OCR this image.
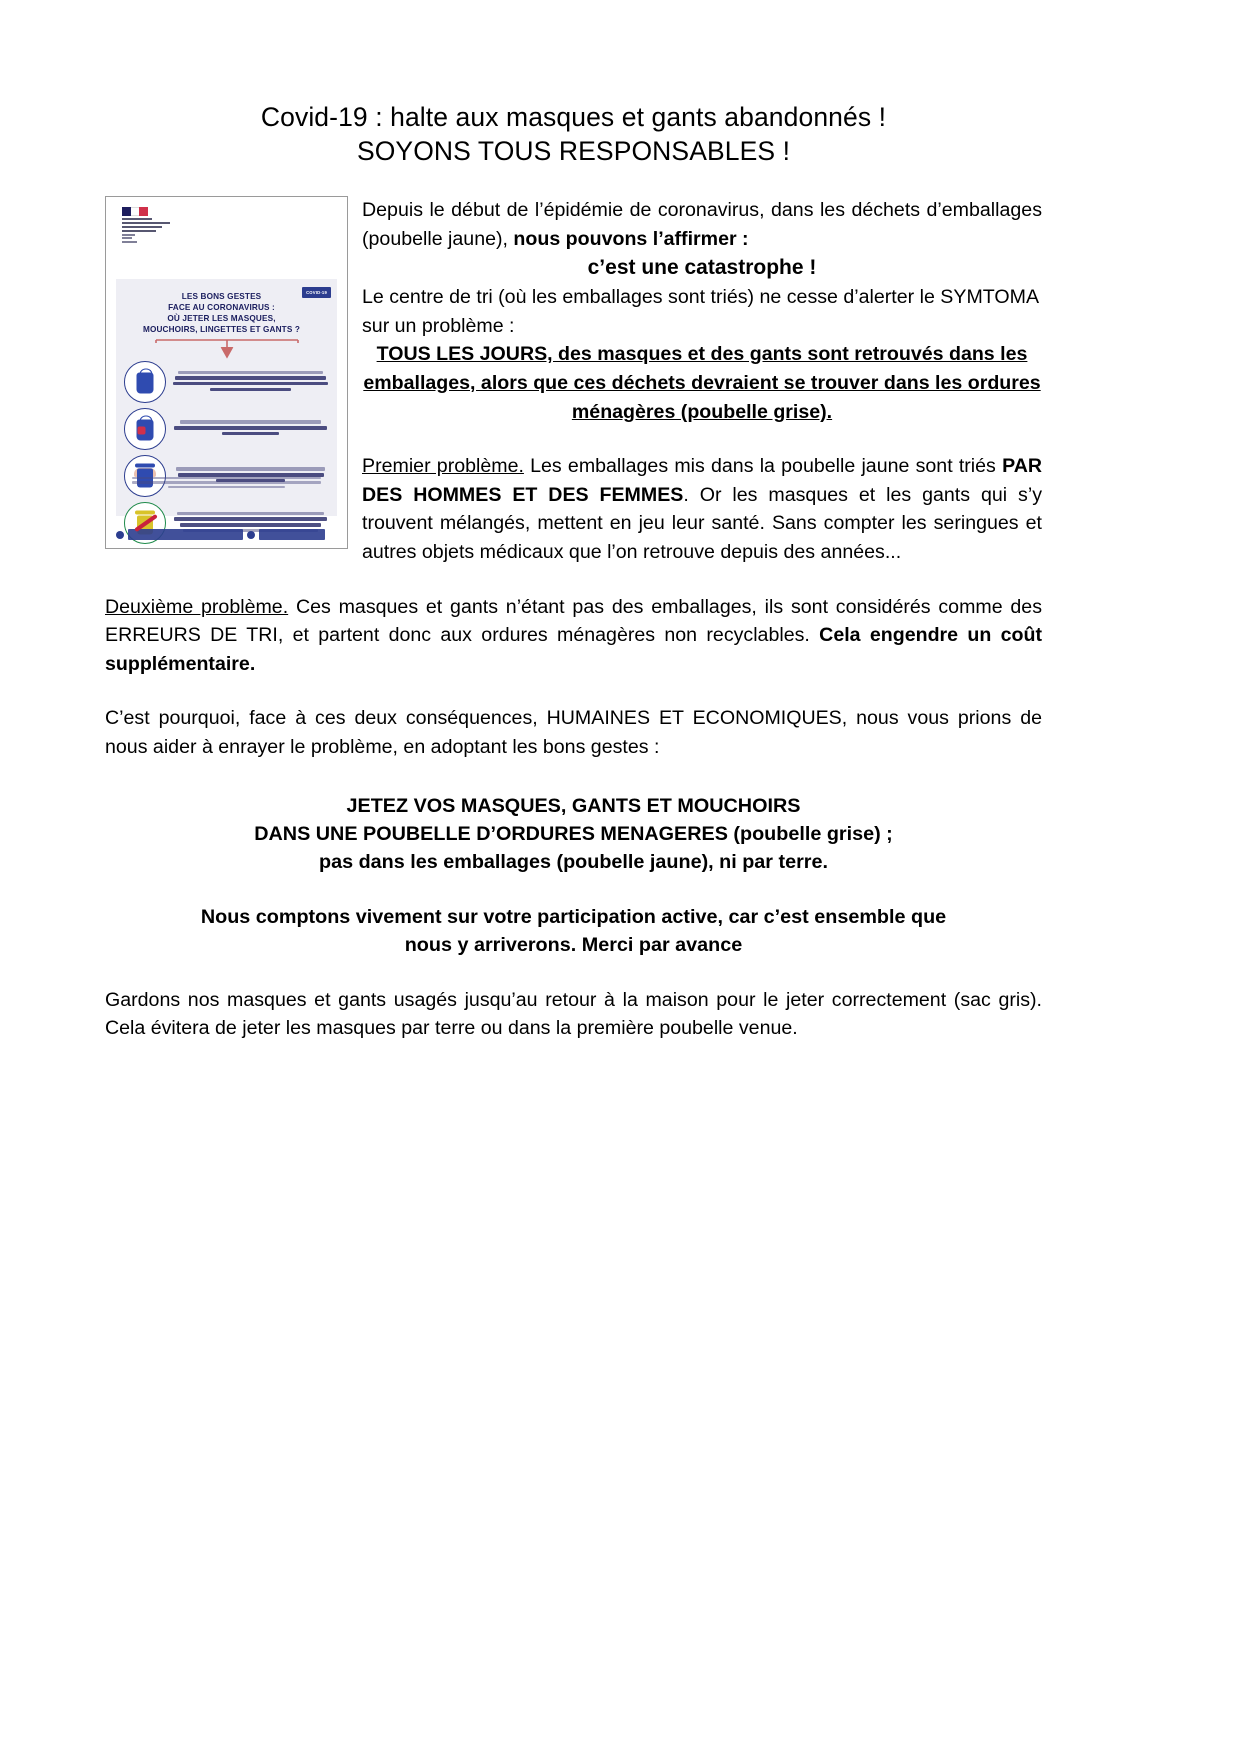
Covid-19 : halte aux masques et gants abandonnés !
SOYONS TOUS RESPONSABLES !
COVID-19
LES BONS GESTES
FACE AU CORONAVIRUS :
OÙ JETER LES MASQUES,
MOUCHOIRS, LINGETTES ET GANTS ?

Depuis le début de l’épidémie de coronavirus, dans les déchets d’emballages (poubelle jaune), nous pouvons l’affirmer :
c’est une catastrophe !

Le centre de tri (où les emballages sont triés) ne cesse d’alerter le SYMTOMA sur un problème :

TOUS LES JOURS, des masques et des gants sont retrouvés dans les emballages, alors que ces déchets devraient se trouver dans les ordures ménagères (poubelle grise).

Premier problème. Les emballages mis dans la poubelle jaune sont triés PAR DES HOMMES ET DES FEMMES. Or les masques et les gants qui s’y trouvent mélangés, mettent en jeu leur santé. Sans compter les seringues et autres objets médicaux que l’on retrouve depuis des années...

Deuxième problème. Ces masques et gants n’étant pas des emballages, ils sont considérés comme des ERREURS DE TRI, et partent donc aux ordures ménagères non recyclables. Cela engendre un coût supplémentaire.

C’est pourquoi, face à ces deux conséquences, HUMAINES ET ECONOMIQUES, nous vous prions de nous aider à enrayer le problème, en adoptant les bons gestes :

JETEZ VOS MASQUES, GANTS ET MOUCHOIRS
DANS UNE POUBELLE D’ORDURES MENAGERES (poubelle grise) ;
pas dans les emballages (poubelle jaune), ni par terre.

Nous comptons vivement sur votre participation active, car c’est ensemble que
nous y arriverons. Merci par avance

Gardons nos masques et gants usagés jusqu’au retour à la maison pour le jeter correctement (sac gris). Cela évitera de jeter les masques par terre ou dans la première poubelle venue.
